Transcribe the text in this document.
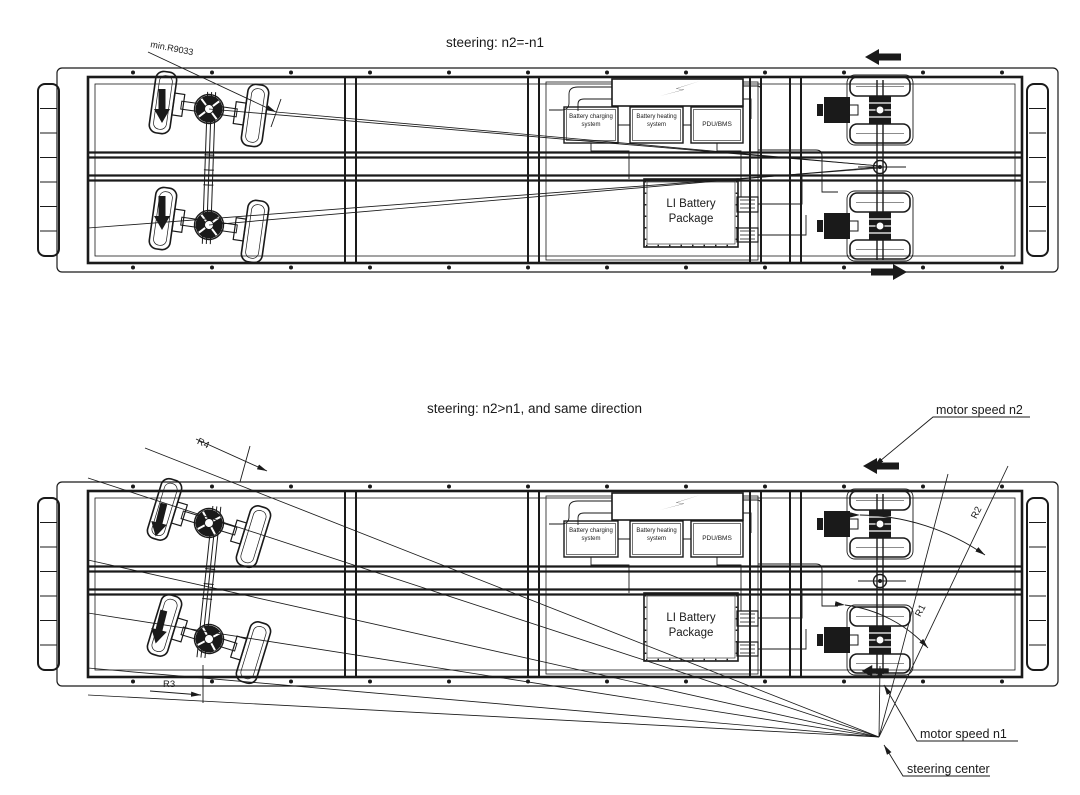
steering: n2=-n1
min.R9033
steering: n2>n1, and same direction	motor speed n2
motor speed n1
steering center
R1
R2
R3
R4
Battery charging system
Battery heating system	PDU/BMS
LI Battery Package
Battery charging system
Battery heating system	PDU/BMS
LI Battery Package
